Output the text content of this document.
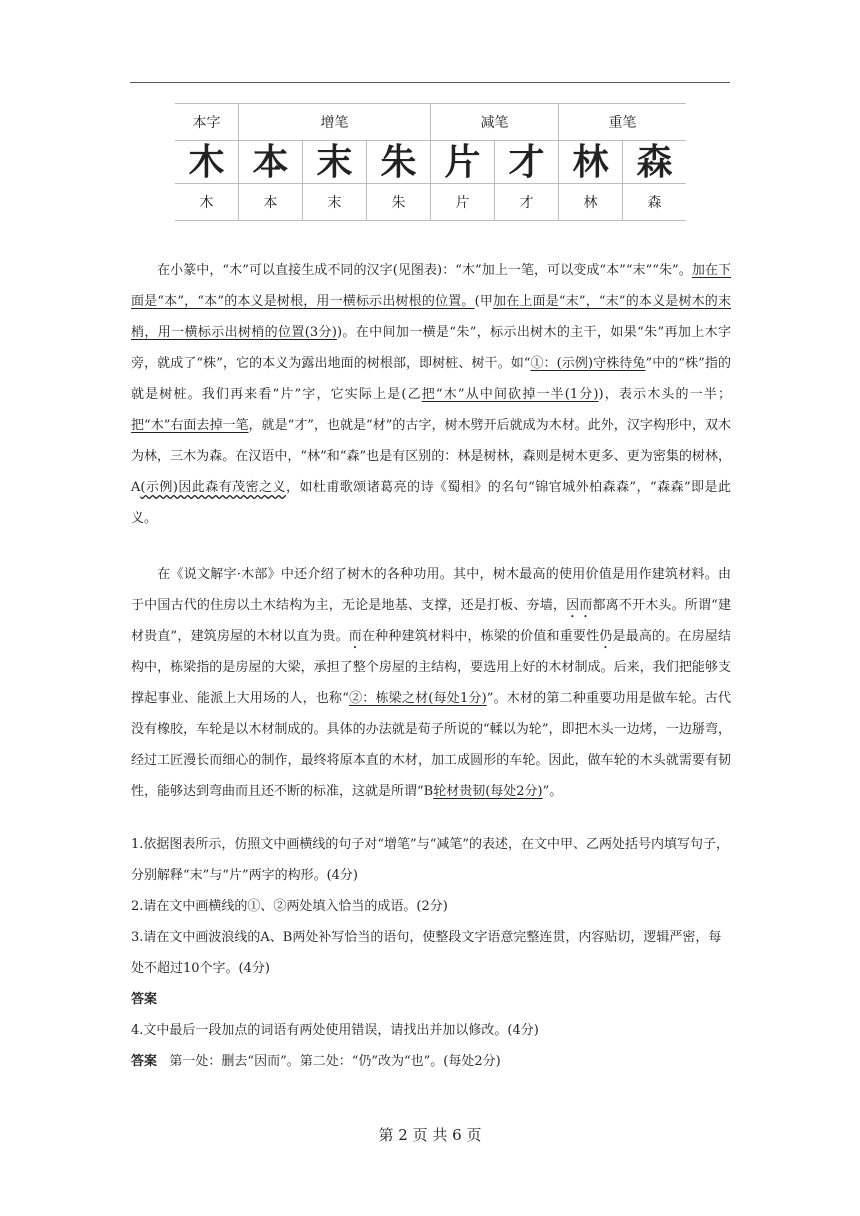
本字	增笔			减笔		重笔	
木	本	末	朱	片	才	林	森
木	本	末	朱	片	才	林	森
在小篆中，“木”可以直接生成不同的汉字(见图表)：“木”加上一笔，可以变成“本”“末”“朱”。加在下面是“本”，“本”的本义是树根，用一横标示出树根的位置。(甲加在上面是“末”，“末”的本义是树木的末梢，用一横标示出树梢的位置(3分))。在中间加一横是“朱”，标示出树木的主干，如果“朱”再加上木字旁，就成了“株”，它的本义为露出地面的树根部，即树桩、树干。如“①：(示例)守株待兔”中的“株”指的就是树桩。我们再来看“片”字，它实际上是(乙把“木”从中间砍掉一半(1分))，表示木头的一半；把“木”右面去掉一笔，就是“才”，也就是“材”的古字，树木劈开后就成为木材。此外，汉字构形中，双木为林，三木为森。在汉语中，“林”和“森”也是有区别的：林是树林，森则是树木更多、更为密集的树林，A(示例)因此森有茂密之义，如杜甫歌颂诸葛亮的诗《蜀相》的名句“锦官城外柏森森”，“森森”即是此义。
在《说文解字·木部》中还介绍了树木的各种功用。其中，树木最高的使用价值是用作建筑材料。由于中国古代的住房以土木结构为主，无论是地基、支撑，还是打板、夯墙，因而都离不开木头。所谓“建材贵直”，建筑房屋的木材以直为贵。而在种种建筑材料中，栋梁的价值和重要性仍是最高的。在房屋结构中，栋梁指的是房屋的大梁，承担了整个房屋的主结构，要选用上好的木材制成。后来，我们把能够支撑起事业、能派上大用场的人，也称“②：栋梁之材(每处1分)”。木材的第二种重要功用是做车轮。古代没有橡胶，车轮是以木材制成的。具体的办法就是荀子所说的“輮以为轮”，即把木头一边烤，一边掰弯，经过工匠漫长而细心的制作，最终将原本直的木材，加工成圆形的车轮。因此，做车轮的木头就需要有韧性，能够达到弯曲而且还不断的标准，这就是所谓“B轮材贵韧(每处2分)”。

1.依据图表所示，仿照文中画横线的句子对“增笔”与“减笔”的表述，在文中甲、乙两处括号内填写句子，分别解释“末”与“片”两字的构形。(4分)

2.请在文中画横线的①、②两处填入恰当的成语。(2分)

3.请在文中画波浪线的A、B两处补写恰当的语句，使整段文字语意完整连贯，内容贴切，逻辑严密，每处不超过10个字。(4分)

答案

4.文中最后一段加点的词语有两处使用错误，请找出并加以修改。(4分)

答案 第一处：删去“因而”。第二处：“仍”改为“也”。(每处2分)

第 2 页 共 6 页
